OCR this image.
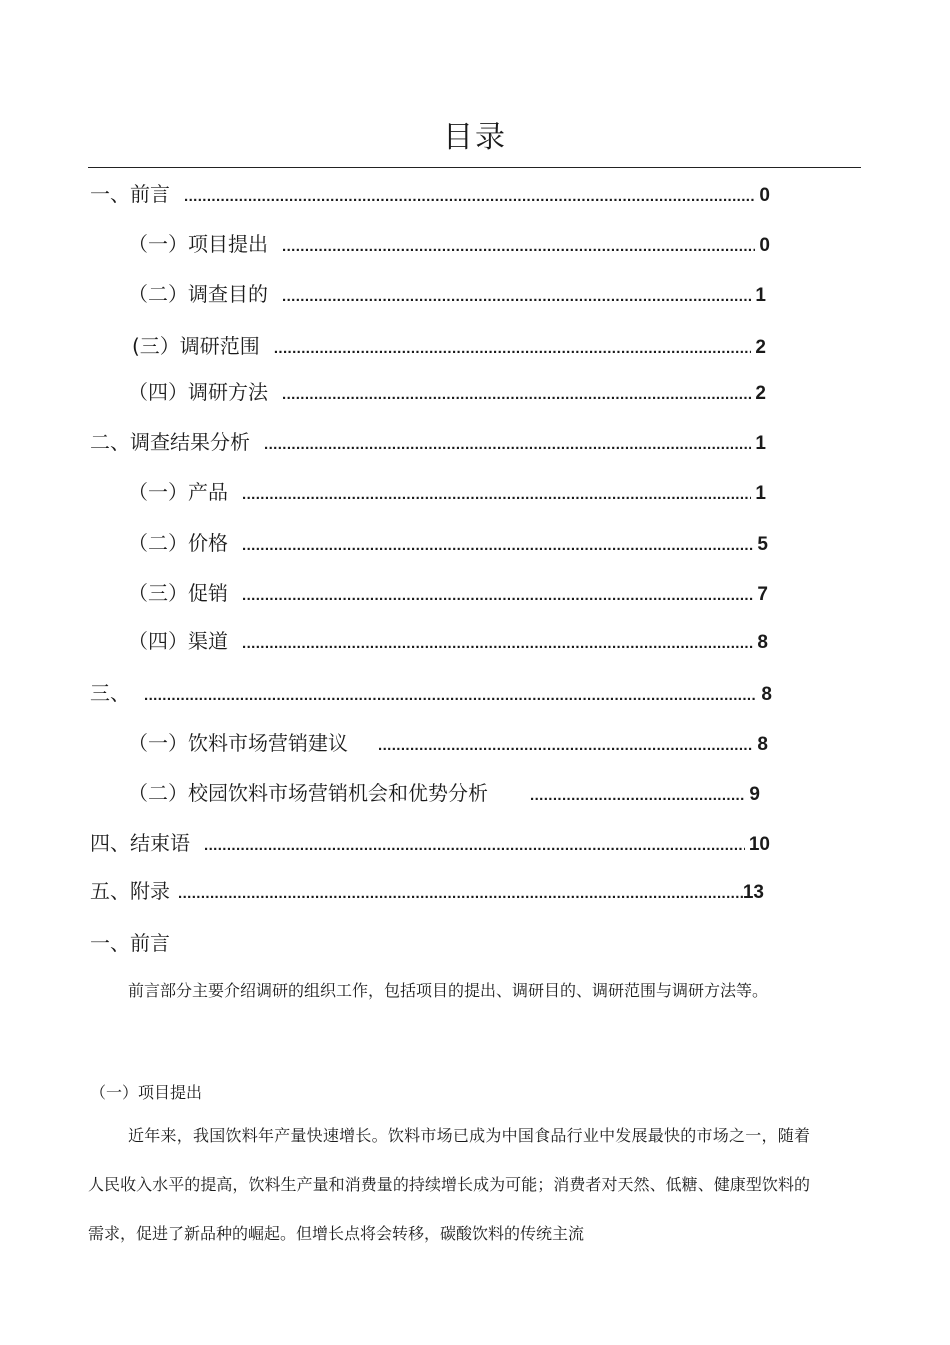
目录
一、前言 .....	0
（一）项目提出 .....	0
（二）调查目的 .....	1
(三）调研范围 .....	2
（四）调研方法 .....	2
二、调查结果分析 .....	1
（一）产品 .....	1
（二）价格 .....	5
（三）促销 .....	7
（四）渠道 .....	8
三、 .....	8
（一）饮料市场营销建议 .....	8
（二）校园饮料市场营销机会和优势分析 .....	9
四、结束语 .....	10
五、附录 .....	13
一、前言
前言部分主要介绍调研的组织工作，包括项目的提出、调研目的、调研范围与调研方法等。
（一）项目提出
近年来，我国饮料年产量快速增长。饮料市场已成为中国食品行业中发展最快的市场之一，随着人民收入水平的提高，饮料生产量和消费量的持续增长成为可能；消费者对天然、低糖、健康型饮料的需求，促进了新品种的崛起。但增长点将会转移，碳酸饮料的传统主流
